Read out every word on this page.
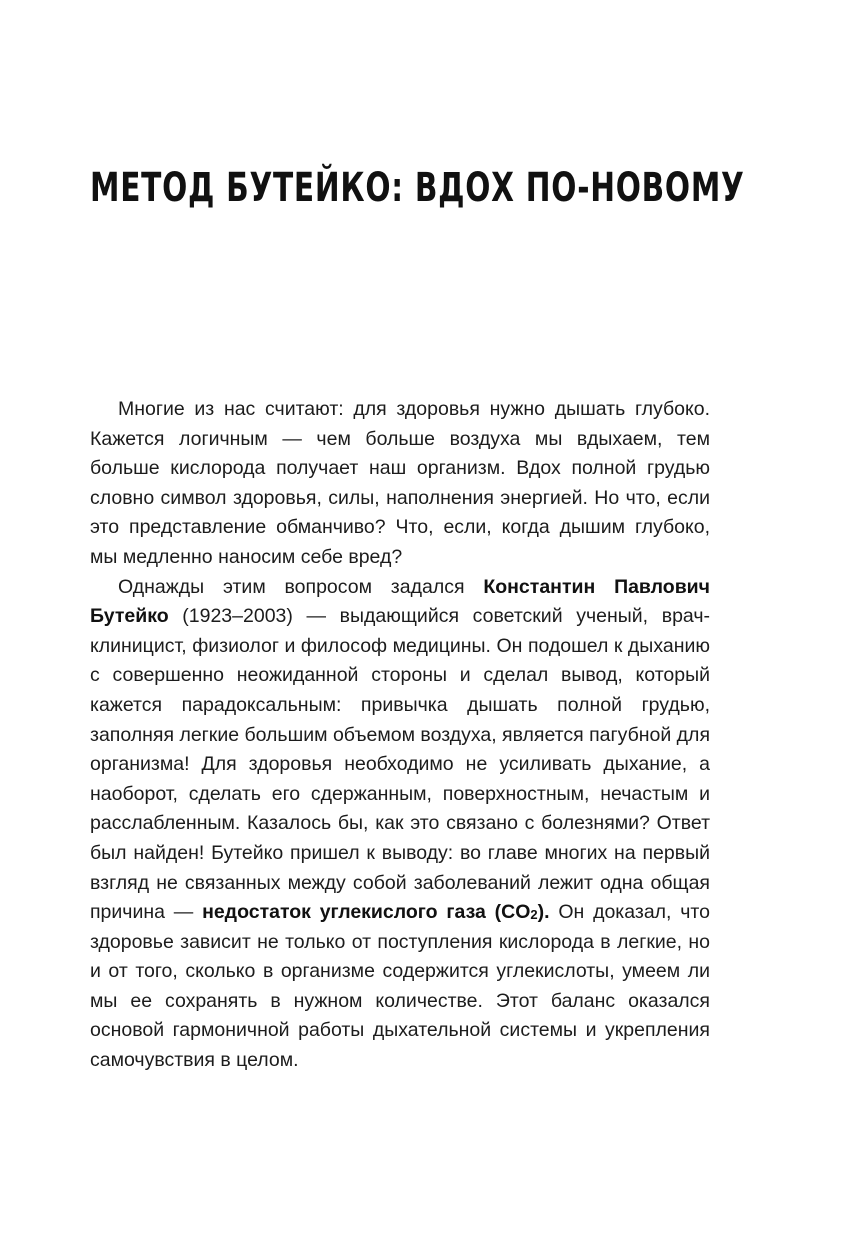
МЕТОД БУТЕЙКО: ВДОХ ПО-НОВОМУ

Многие из нас считают: для здоровья нужно дышать глубоко. Кажется логичным — чем больше воздуха мы вдыхаем, тем больше кислорода получает наш организм. Вдох полной грудью словно символ здоровья, силы, наполнения энергией. Но что, если это представление обманчиво? Что, если, когда дышим глубоко, мы медленно наносим себе вред?

Однажды этим вопросом задался Константин Павлович Бутейко (1923–2003) — выдающийся советский ученый, врач-клиницист, физиолог и философ медицины. Он подошел к дыханию с совершенно неожиданной стороны и сделал вывод, который кажется парадоксальным: привычка дышать полной грудью, заполняя легкие большим объемом воздуха, является пагубной для организма! Для здоровья необходимо не усиливать дыхание, а наоборот, сделать его сдержанным, поверхностным, нечастым и расслабленным. Казалось бы, как это связано с болезнями? Ответ был найден! Бутейко пришел к выводу: во главе многих на первый взгляд не связанных между собой заболеваний лежит одна общая причина — недостаток углекислого газа $(CO_2)$. Он доказал, что здоровье зависит не только от поступления кислорода в легкие, но и от того, сколько в организме содержится углекислоты, умеем ли мы ее сохранять в нужном количестве. Этот баланс оказался основой гармоничной работы дыхательной системы и укрепления самочувствия в целом.
